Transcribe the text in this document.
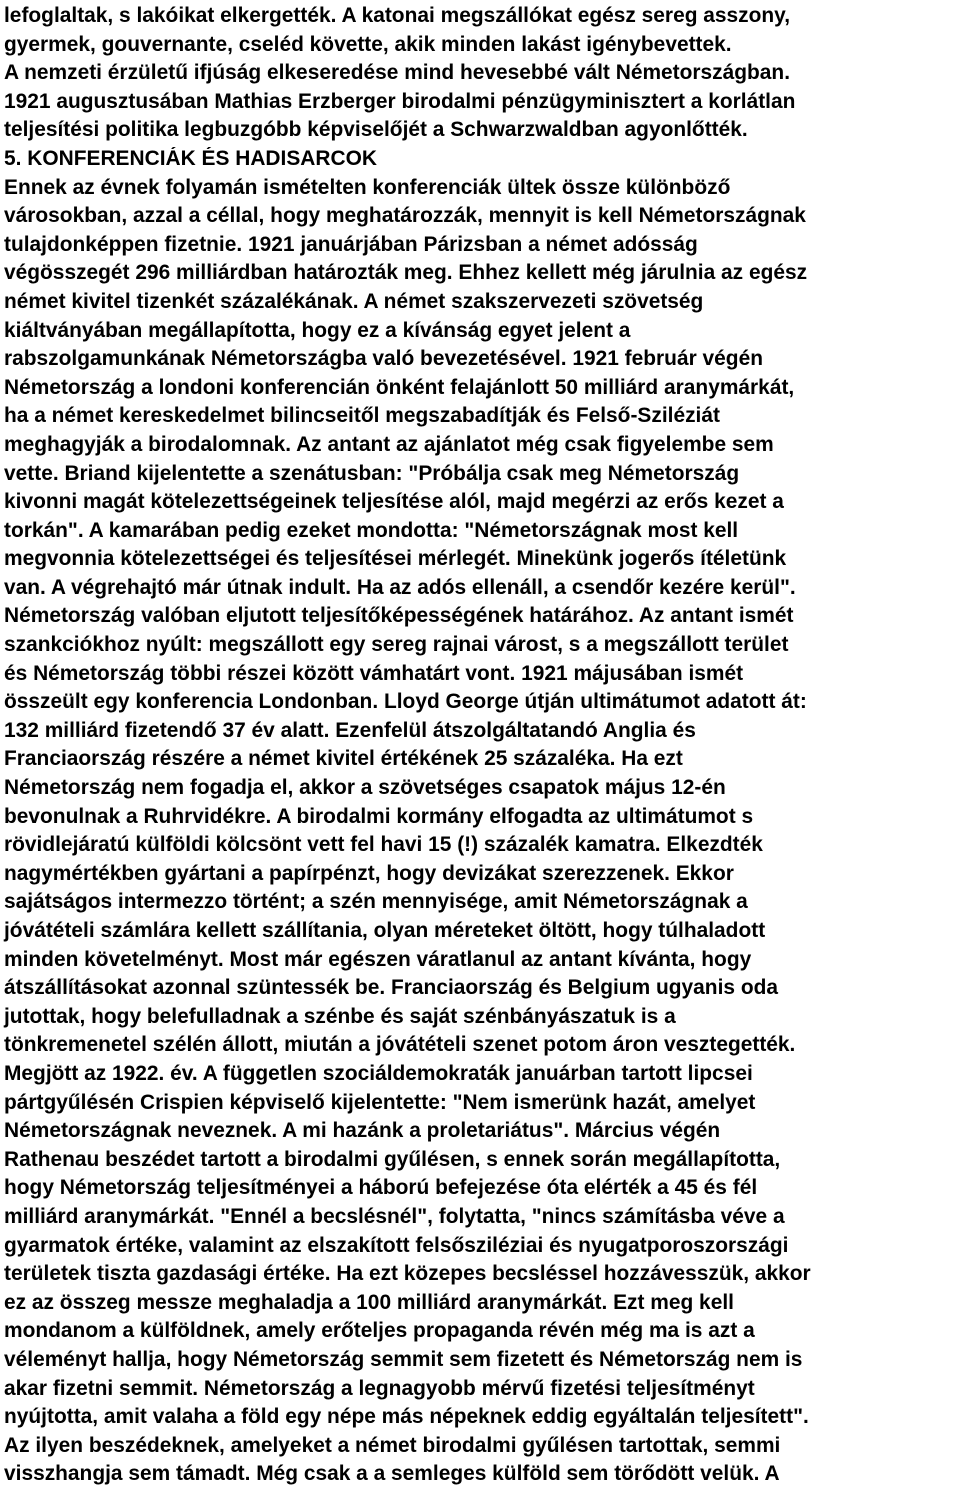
lefoglaltak, s lakóikat elkergették. A katonai megszállókat egész sereg asszony,
gyermek, gouvernante, cseléd követte, akik minden lakást igénybevettek.
A nemzeti érzületű ifjúság elkeseredése mind hevesebbé vált Németországban.
1921 augusztusában Mathias Erzberger birodalmi pénzügyminisztert a korlátlan
teljesítési politika legbuzgóbb képviselőjét a Schwarzwaldban agyonlőtték.
5. KONFERENCIÁK ÉS HADISARCOK
Ennek az évnek folyamán ismételten konferenciák ültek össze különböző
városokban, azzal a céllal, hogy meghatározzák, mennyit is kell Németországnak
tulajdonképpen fizetnie. 1921 januárjában Párizsban a német adósság
végösszegét 296 milliárdban határozták meg. Ehhez kellett még járulnia az egész
német kivitel tizenkét százalékának. A német szakszervezeti szövetség
kiáltványában megállapította, hogy ez a kívánság egyet jelent a
rabszolgamunkának Németországba való bevezetésével. 1921 február végén
Németország a londoni konferencián önként felajánlott 50 milliárd aranymárkát,
ha a német kereskedelmet bilincseitől megszabadítják és Felső-Sziléziát
meghagyják a birodalomnak. Az antant az ajánlatot még csak figyelembe sem
vette. Briand kijelentette a szenátusban: "Próbálja csak meg Németország
kivonni magát kötelezettségeinek teljesítése alól, majd megérzi az erős kezet a
torkán". A kamarában pedig ezeket mondotta: "Németországnak most kell
megvonnia kötelezettségei és teljesítései mérlegét. Minekünk jogerős ítéletünk
van. A végrehajtó már útnak indult. Ha az adós ellenáll, a csendőr kezére kerül".
Németország valóban eljutott teljesítőképességének határához. Az antant ismét
szankciókhoz nyúlt: megszállott egy sereg rajnai várost, s a megszállott terület
és Németország többi részei között vámhatárt vont. 1921 májusában ismét
összeült egy konferencia Londonban. Lloyd George útján ultimátumot adatott át:
132 milliárd fizetendő 37 év alatt. Ezenfelül átszolgáltatandó Anglia és
Franciaország részére a német kivitel értékének 25 százaléka. Ha ezt
Németország nem fogadja el, akkor a szövetséges csapatok május 12-én
bevonulnak a Ruhrvidékre. A birodalmi kormány elfogadta az ultimátumot s
rövidlejáratú külföldi kölcsönt vett fel havi 15 (!) százalék kamatra. Elkezdték
nagymértékben gyártani a papírpénzt, hogy devizákat szerezzenek. Ekkor
sajátságos intermezzo történt; a szén mennyisége, amit Németországnak a
jóvátételi számlára kellett szállítania, olyan méreteket öltött, hogy túlhaladott
minden követelményt. Most már egészen váratlanul az antant kívánta, hogy
átszállításokat azonnal szüntessék be. Franciaország és Belgium ugyanis oda
jutottak, hogy belefulladnak a szénbe és saját szénbányászatuk is a
tönkremenetel szélén állott, miután a jóvátételi szenet potom áron vesztegették.
Megjött az 1922. év. A független szociáldemokraták januárban tartott lipcsei
pártgyűlésén Crispien képviselő kijelentette: "Nem ismerünk hazát, amelyet
Németországnak neveznek. A mi hazánk a proletariátus". Március végén
Rathenau beszédet tartott a birodalmi gyűlésen, s ennek során megállapította,
hogy Németország teljesítményei a háború befejezése óta elérték a 45 és fél
milliárd aranymárkát. "Ennél a becslésnél", folytatta, "nincs számításba véve a
gyarmatok értéke, valamint az elszakított felsősziléziai és nyugatporoszországi
területek tiszta gazdasági értéke. Ha ezt közepes becsléssel hozzávesszük, akkor
ez az összeg messze meghaladja a 100 milliárd aranymárkát. Ezt meg kell
mondanom a külföldnek, amely erőteljes propaganda révén még ma is azt a
véleményt hallja, hogy Németország semmit sem fizetett és Németország nem is
akar fizetni semmit. Németország a legnagyobb mérvű fizetési teljesítményt
nyújtotta, amit valaha a föld egy népe más népeknek eddig egyáltalán teljesített".
Az ilyen beszédeknek, amelyeket a német birodalmi gyűlésen tartottak, semmi
visszhangja sem támadt. Még csak a a semleges külföld sem törődött velük. A
